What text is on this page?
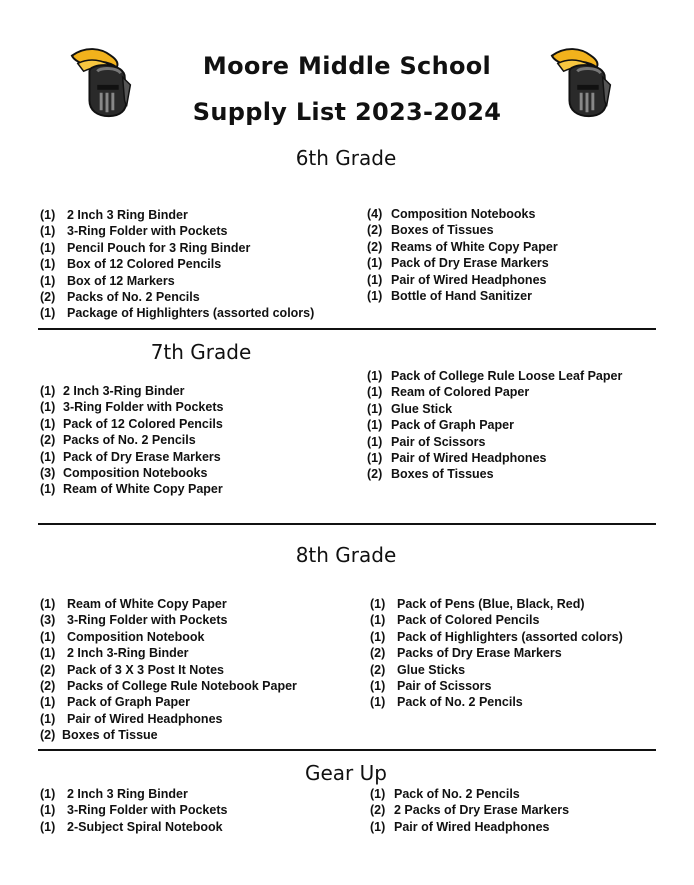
Moore Middle School
Supply List 2023-2024
6th Grade
(1) 2 Inch 3 Ring Binder
(1) 3-Ring Folder with Pockets
(1) Pencil Pouch for 3 Ring Binder
(1) Box of 12 Colored Pencils
(1) Box of 12 Markers
(2) Packs of No. 2 Pencils
(1) Package of Highlighters (assorted colors)
(4) Composition Notebooks
(2) Boxes of Tissues
(2) Reams of White Copy Paper
(1) Pack of Dry Erase Markers
(1) Pair of Wired Headphones
(1) Bottle of Hand Sanitizer
7th Grade
(1) 2 Inch 3-Ring Binder
(1) 3-Ring Folder with Pockets
(1) Pack of 12 Colored Pencils
(2) Packs of No. 2 Pencils
(1) Pack of Dry Erase Markers
(3) Composition Notebooks
(1) Ream of White Copy Paper
(1) Pack of College Rule Loose Leaf Paper
(1) Ream of Colored Paper
(1) Glue Stick
(1) Pack of Graph Paper
(1) Pair of Scissors
(1) Pair of Wired Headphones
(2) Boxes of Tissues
8th Grade
(1) Ream of White Copy Paper
(3) 3-Ring Folder with Pockets
(1) Composition Notebook
(1) 2 Inch 3-Ring Binder
(2) Pack of 3 X 3 Post It Notes
(2) Packs of College Rule Notebook Paper
(1) Pack of Graph Paper
(1) Pair of Wired Headphones
(2) Boxes of Tissue
(1) Pack of Pens (Blue, Black, Red)
(1) Pack of Colored Pencils
(1) Pack of Highlighters (assorted colors)
(2) Packs of Dry Erase Markers
(2) Glue Sticks
(1) Pair of Scissors
(1) Pack of No. 2 Pencils
Gear Up
(1) 2 Inch 3 Ring Binder
(1) 3-Ring Folder with Pockets
(1) 2-Subject Spiral Notebook
(1) Pack of No. 2 Pencils
(2) 2 Packs of Dry Erase Markers
(1) Pair of Wired Headphones
